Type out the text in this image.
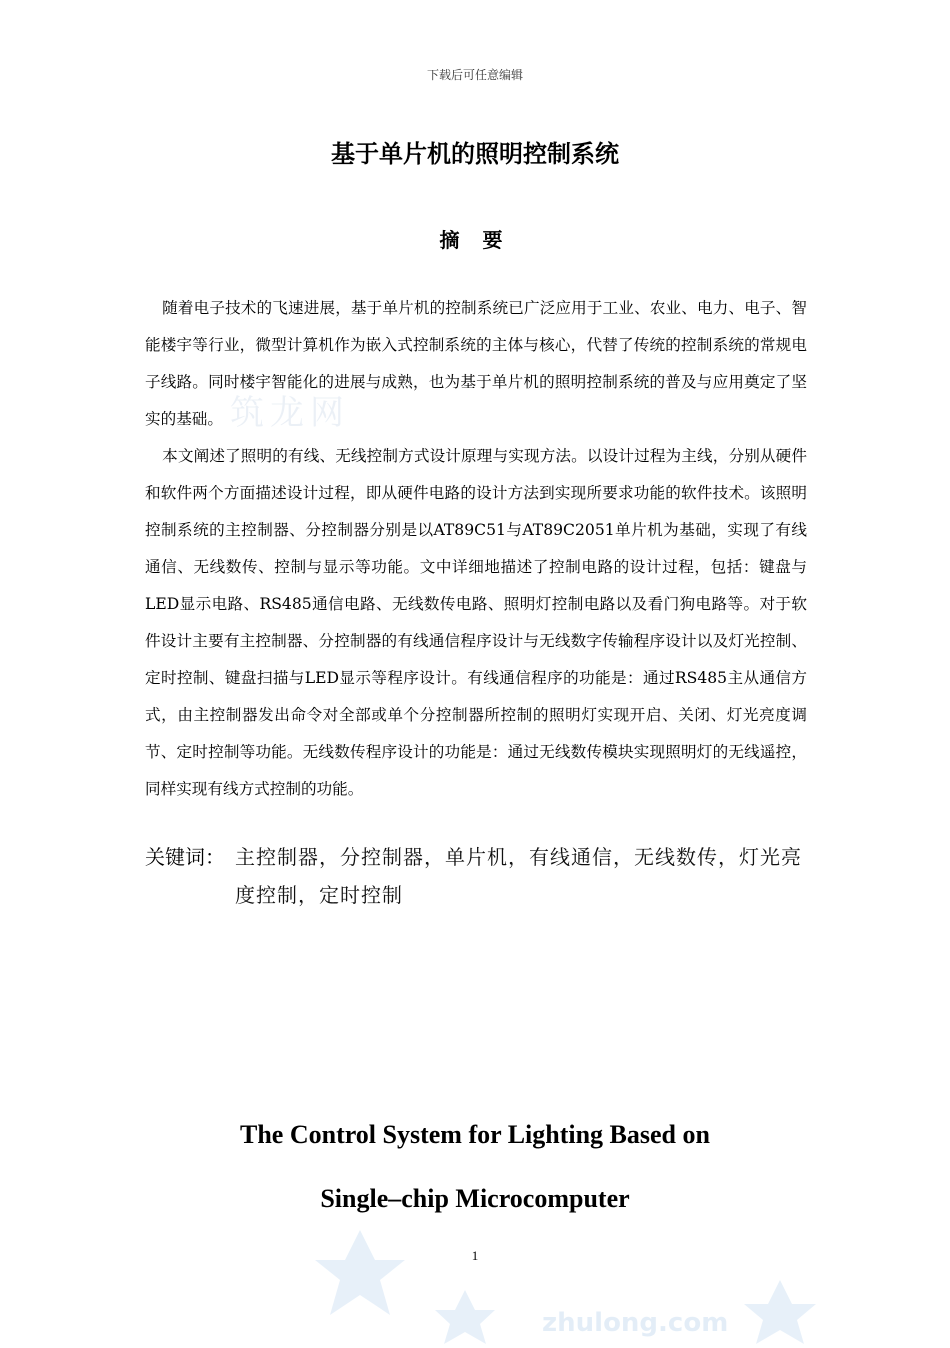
下载后可任意编辑
基于单片机的照明控制系统
摘 要

随着电子技术的飞速进展，基于单片机的控制系统已广泛应用于工业、农业、电力、电子、智能楼宇等行业，微型计算机作为嵌入式控制系统的主体与核心，代替了传统的控制系统的常规电子线路。同时楼宇智能化的进展与成熟，也为基于单片机的照明控制系统的普及与应用奠定了坚实的基础。

本文阐述了照明的有线、无线控制方式设计原理与实现方法。以设计过程为主线，分别从硬件和软件两个方面描述设计过程，即从硬件电路的设计方法到实现所要求功能的软件技术。该照明控制系统的主控制器、分控制器分别是以AT89C51与AT89C2051单片机为基础，实现了有线通信、无线数传、控制与显示等功能。文中详细地描述了控制电路的设计过程，包括：键盘与LED显示电路、RS485通信电路、无线数传电路、照明灯控制电路以及看门狗电路等。对于软件设计主要有主控制器、分控制器的有线通信程序设计与无线数字传输程序设计以及灯光控制、定时控制、键盘扫描与LED显示等程序设计。有线通信程序的功能是：通过RS485主从通信方式，由主控制器发出命令对全部或单个分控制器所控制的照明灯实现开启、关闭、灯光亮度调节、定时控制等功能。无线数传程序设计的功能是：通过无线数传模块实现照明灯的无线遥控，同样实现有线方式控制的功能。

关键词： 主控制器，分控制器，单片机，有线通信，无线数传，灯光亮度控制，定时控制
The Control System for Lighting Based on
Single–chip Microcomputer
1
筑龙网
zhulong.com
